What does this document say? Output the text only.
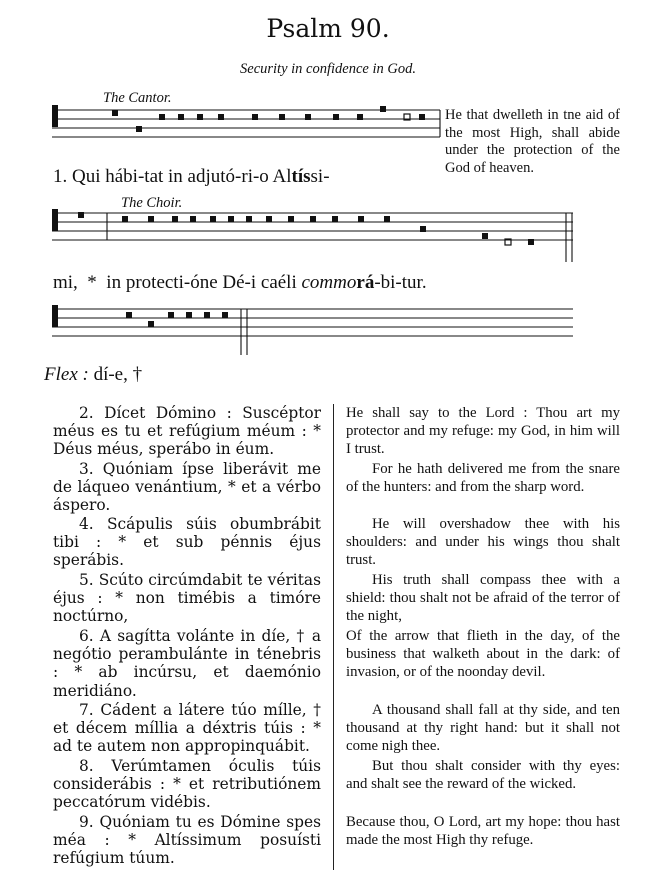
Psalm 90.
Security in confidence in God.
The Cantor.
The Choir.
1. Qui hábi-tat in adjutó-ri-o Altíssi-
He that dwelleth in tne aid of the most High, shall abide under the protection of the God of heaven.
mi,  *  in protecti-óne Dé-i caéli commorá-bi-tur.
Flex : dí-e, †
2. Dícet Dómino : Suscéptor méus es tu et refúgium méum : * Déus méus, sperábo in éum.
3. Quóniam ípse liberávit me de láqueo venántium, * et a vérbo áspero.
4. Scápulis súis obumbrábit tibi : * et sub pénnis éjus sperábis.
5. Scúto circúmdabit te véritas éjus : * non timébis a timóre noctúrno,
6. A sagítta volánte in díe, † a negótio perambulánte in ténebris : * ab incúrsu, et daemónio meridiáno.
7. Cádent a látere túo mílle, † et décem míllia a déxtris túis : * ad te autem non appropinquábit.
8. Verúmtamen óculis túis considerábis : * et retributiónem peccatórum vidébis.
9. Quóniam tu es Dómine spes méa : * Altíssimum posuísti refúgium túum.
He shall say to the Lord : Thou art my protector and my refuge: my God, in him will I trust.
For he hath delivered me from the snare of the hunters: and from the sharp word.
He will overshadow thee with his shoulders: and under his wings thou shalt trust.
His truth shall compass thee with a shield: thou shalt not be afraid of the terror of the night,
Of the arrow that flieth in the day, of the business that walketh about in the dark: of invasion, or of the noonday devil.
A thousand shall fall at thy side, and ten thousand at thy right hand: but it shall not come nigh thee.
But thou shalt consider with thy eyes: and shalt see the reward of the wicked.
Because thou, O Lord, art my hope: thou hast made the most High thy refuge.
